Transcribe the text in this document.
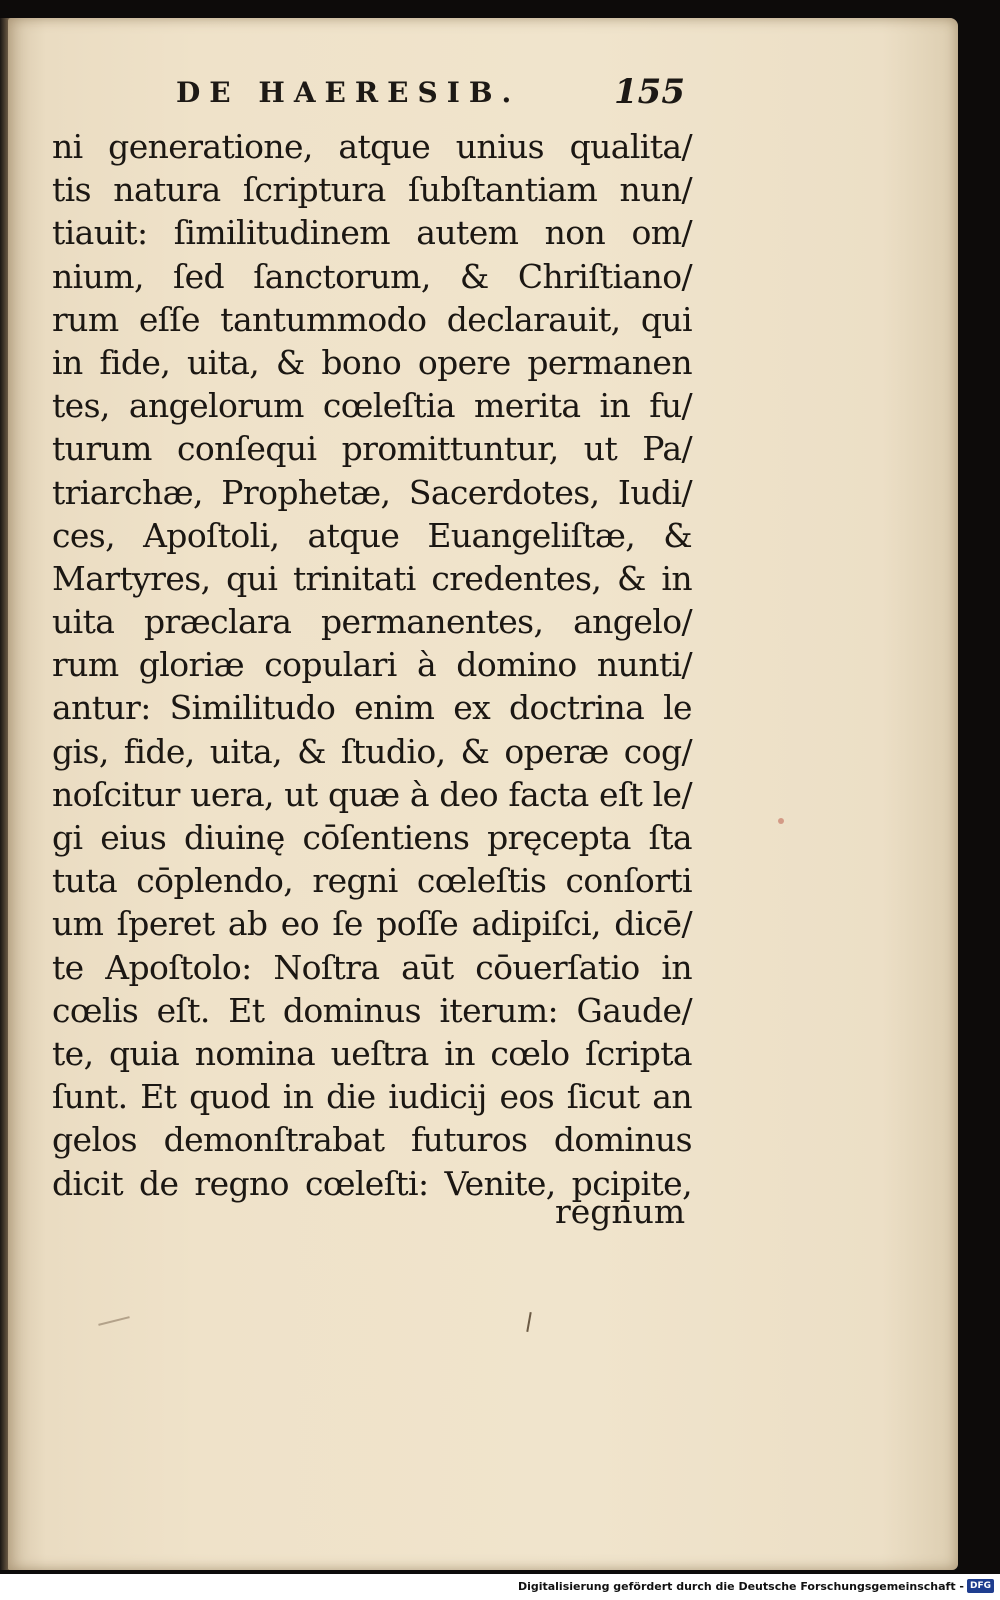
DE HAERESIB.	155
ni generatione, atque unius qualita/
tis natura ſcriptura ſubſtantiam nun/
tiauit: ſimilitudinem autem non om/
nium, ſed ſanctorum, & Chriſtiano/
rum eſſe tantummodo declarauit, qui
in fide, uita, & bono opere permanen
tes, angelorum cœleſtia merita in fu/
turum conſequi promittuntur, ut Pa/
triarchæ, Prophetæ, Sacerdotes, Iudi/
ces, Apoſtoli, atque Euangeliſtæ, &
Martyres, qui trinitati credentes, & in
uita præclara permanentes, angelo/
rum gloriæ copulari à domino nunti/
antur: Similitudo enim ex doctrina le
gis, fide, uita, & ſtudio, & operæ cog/
noſcitur uera, ut quæ à deo facta eſt le/
gi eius diuinę cōſentiens pręcepta ſta
tuta cōplendo, regni cœleſtis conſorti
um ſperet ab eo ſe poſſe adipiſci, dicē/
te Apoſtolo: Noſtra aūt cōuerſatio in
cœlis eſt. Et dominus iterum: Gaude/
te, quia nomina ueſtra in cœlo ſcripta
ſunt. Et quod in die iudicij eos ſicut an
gelos demonſtrabat futuros dominus
dicit de regno cœleſti: Venite, pcipite,
regnum
Digitalisierung gefördert durch die Deutsche Forschungsgemeinschaft - DFG
